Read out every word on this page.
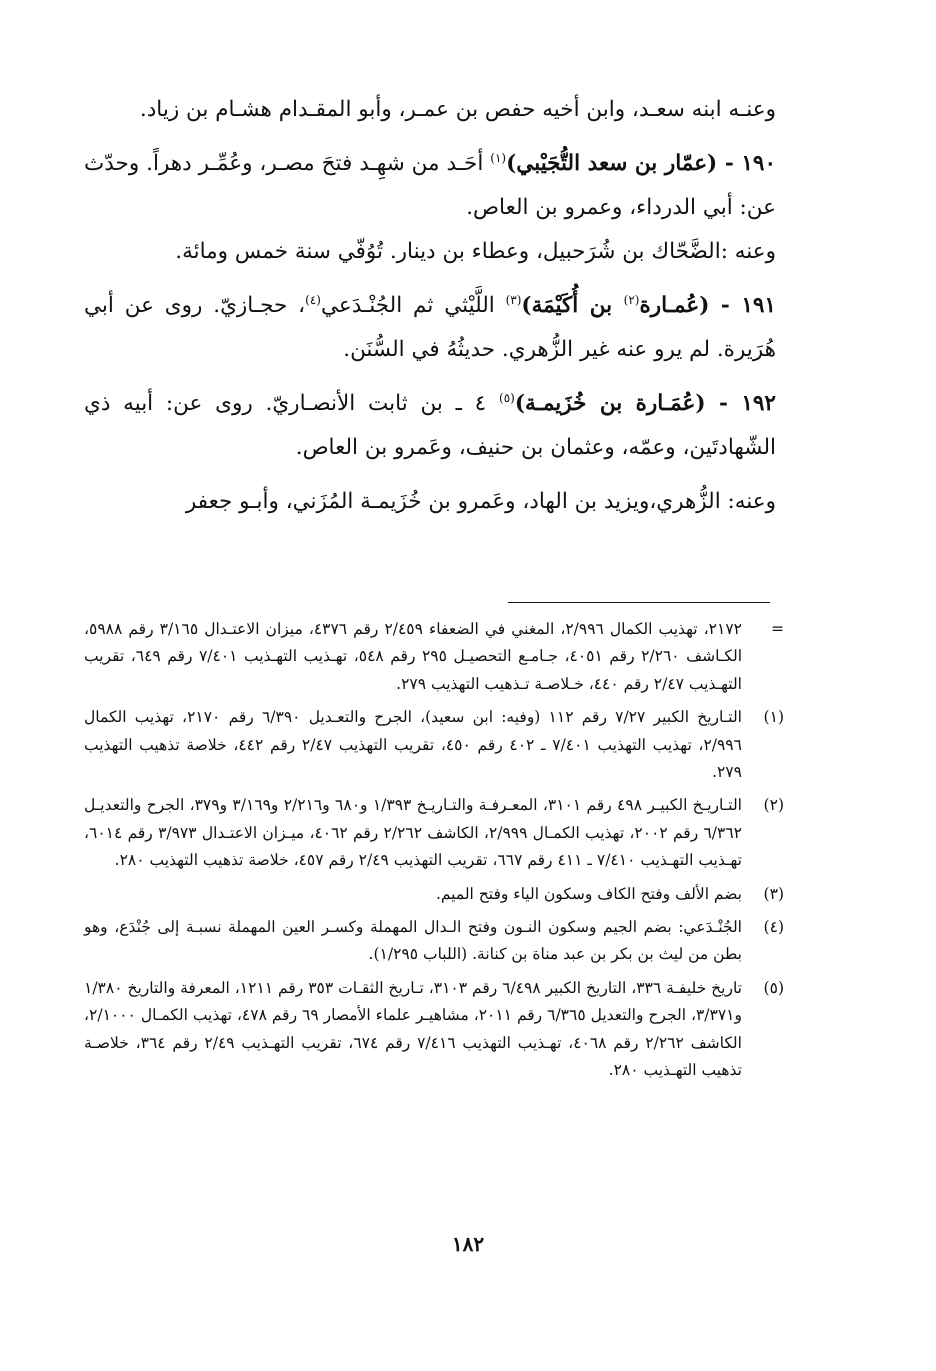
وعنـه ابنه سعـد، وابن أخيه حفص بن عمـر، وأبو المقـدام هشـام بن زياد.

١٩٠ - (عمّار بن سعد التُّجَيْبي)$^{(١)}$ أحَـد من شهِـد فتحَ مصـر، وعُمِّـر دهراً. وحدّث عن: أبي الدرداء، وعمرو بن العاص.

وعنه :الضَّحّاك بن شُرَحبيل، وعطاء بن دينار. تُوُفّي سنة خمس ومائة.

١٩١ - (عُمـارة$^{(٢)}$ بن أُكَيْمَة)$^{(٣)}$ اللَّيْثي ثم الجُنْـدَعي$^{(٤)}$، حجـازيّ. روى عن أبي هُرَيرة. لم يرو عنه غير الزُّهري. حديثُهُ في السُّنَن.

١٩٢ - (عُمَـارة بن خُزَيمـة)$^{(٥)}$ ٤ ـ بن ثابت الأنصـاريّ. روى عن: أبيه ذي الشّهادتَين، وعمّه، وعثمان بن حنيف، وعَمرو بن العاص.

وعنه: الزُّهري،ويزيد بن الهاد، وعَمرو بن خُزَيمـة المُزَني، وأبـو جعفر

=
٢١٧٢، تهذيب الكمال ٢/٩٩٦، المغني في الضعفاء ٢/٤٥٩ رقم ٤٣٧٦، ميزان الاعتـدال ٣/١٦٥ رقم ٥٩٨٨، الكـاشف ٢/٢٦٠ رقم ٤٠٥١، جـامـع التحصيـل ٢٩٥ رقم ٥٤٨، تهـذيب التهـذيب ٧/٤٠١ رقم ٦٤٩، تقريب التهـذيب ٢/٤٧ رقم ٤٤٠، خـلاصـة تـذهيب التهذيب ٢٧٩.
(١)
التـاريخ الكبير ٧/٢٧ رقم ١١٢ (وفيه: ابن سعيد)، الجرح والتعـديل ٦/٣٩٠ رقم ٢١٧٠، تهذيب الكمال ٢/٩٩٦، تهذيب التهذيب ٧/٤٠١ ـ ٤٠٢ رقم ٤٥٠، تقريب التهذيب ٢/٤٧ رقم ٤٤٢، خلاصة تذهيب التهذيب ٢٧٩.
(٢)
التـاريـخ الكبيـر ٤٩٨ رقم ٣١٠١، المعـرفـة والتـاريـخ ١/٣٩٣ و٦٨٠ و٢/٢١٦ و٣/١٦٩ و٣٧٩، الجرح والتعديـل ٦/٣٦٢ رقم ٢٠٠٢، تهذيب الكمـال ٢/٩٩٩، الكاشف ٢/٢٦٢ رقم ٤٠٦٢، ميـزان الاعتـدال ٣/٩٧٣ رقم ٦٠١٤، تهـذيب التهـذيب ٧/٤١٠ ـ ٤١١ رقم ٦٦٧، تقريب التهذيب ٢/٤٩ رقم ٤٥٧، خلاصة تذهيب التهذيب ٢٨٠.
(٣)
بضم الألف وفتح الكاف وسكون الياء وفتح الميم.
(٤)
الجُنْـدَعي: بضم الجيم وسكون النـون وفتح الـدال المهملة وكسـر العين المهملة نسبـة إلى جُنْدَع، وهو بطن من ليث بن بكر بن عبد مناة بن كنانة. (اللباب ١/٢٩٥).
(٥)
تاريخ خليفـة ٣٣٦، التاريخ الكبير ٦/٤٩٨ رقم ٣١٠٣، تـاريخ الثقـات ٣٥٣ رقم ١٢١١، المعرفة والتاريخ ١/٣٨٠ و٣/٣٧١، الجرح والتعديل ٦/٣٦٥ رقم ٢٠١١، مشاهيـر علماء الأمصار ٦٩ رقم ٤٧٨، تهذيب الكمـال ٢/١٠٠٠، الكاشف ٢/٢٦٢ رقم ٤٠٦٨، تهـذيب التهذيب ٧/٤١٦ رقم ٦٧٤، تقريب التهـذيب ٢/٤٩ رقم ٣٦٤، خلاصـة تذهيب التهـذيب ٢٨٠.
١٨٢
